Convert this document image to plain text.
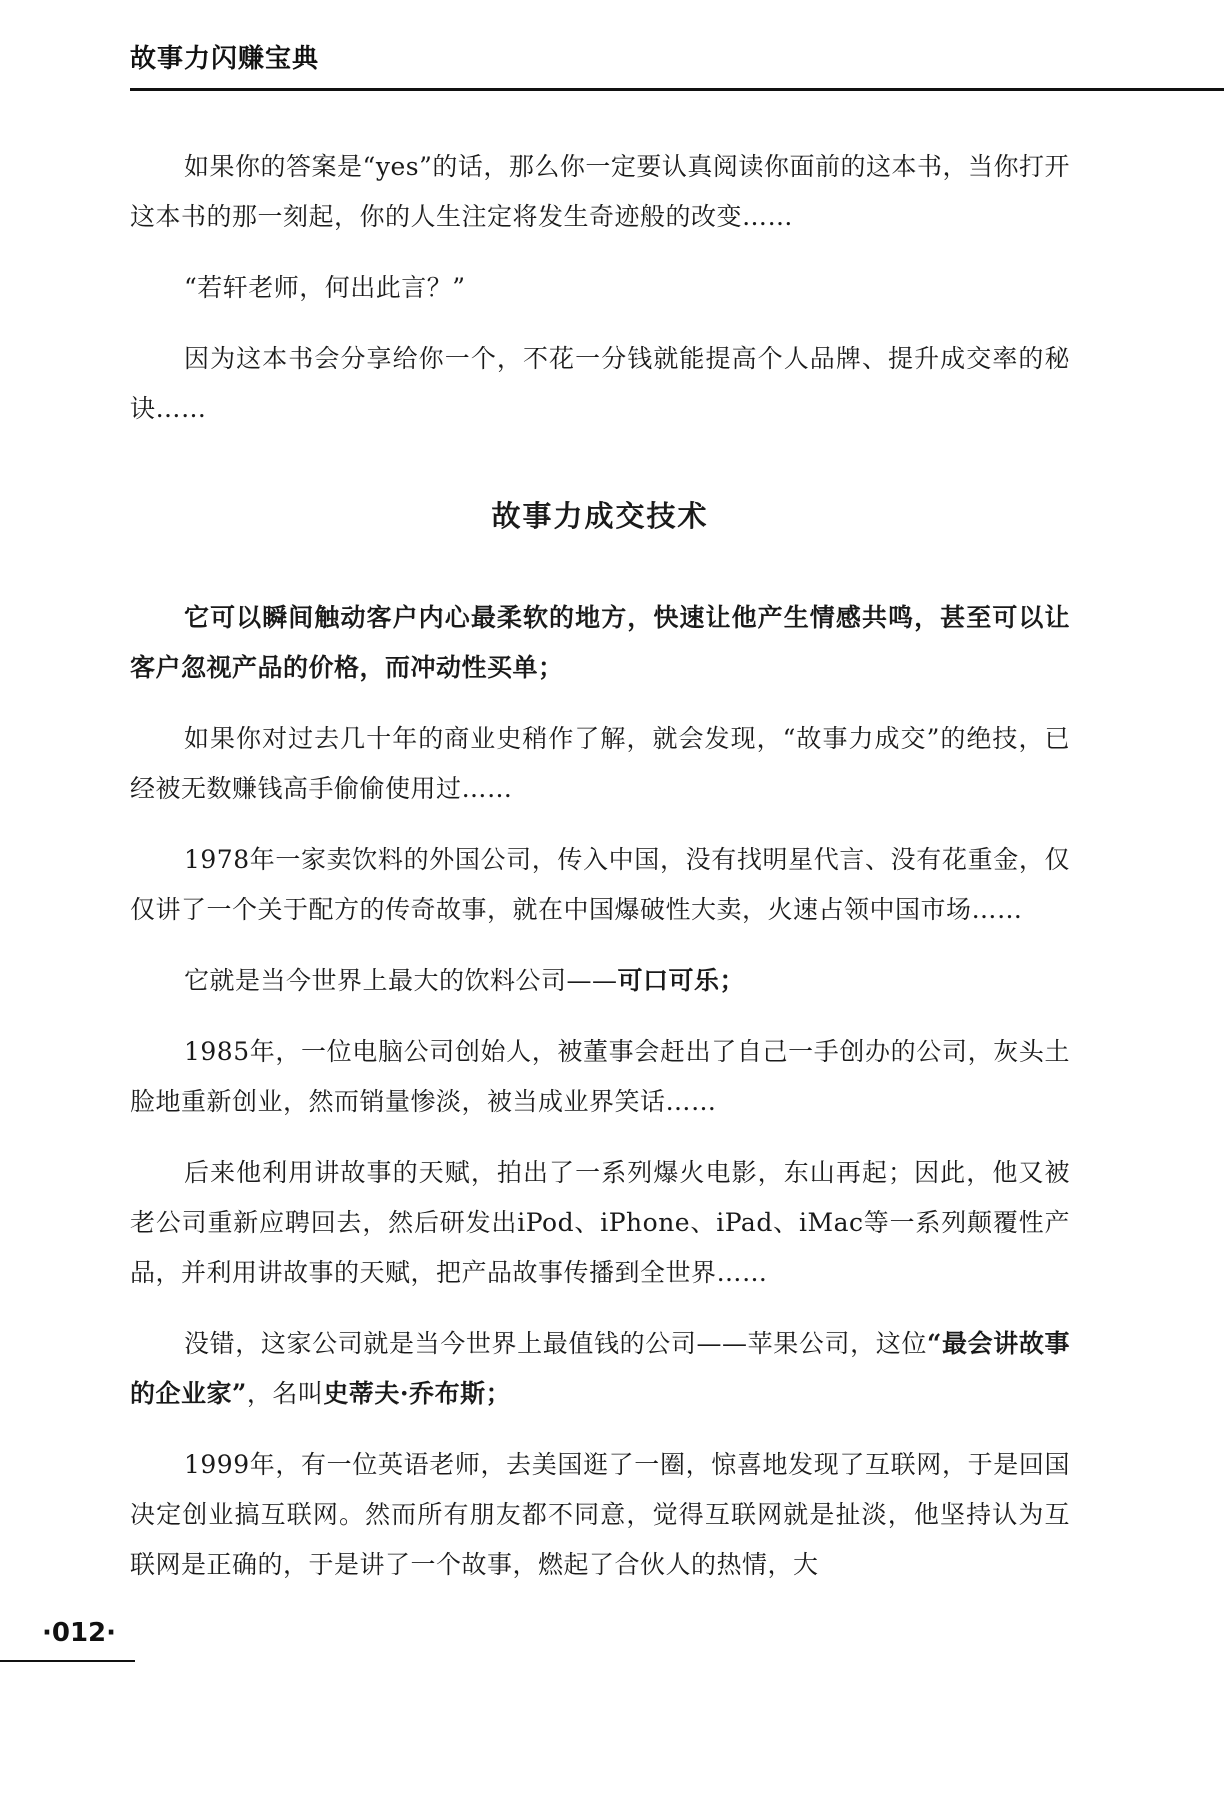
故事力闪赚宝典

如果你的答案是“yes”的话，那么你一定要认真阅读你面前的这本书，当你打开这本书的那一刻起，你的人生注定将发生奇迹般的改变……

“若轩老师，何出此言？”

因为这本书会分享给你一个，不花一分钱就能提高个人品牌、提升成交率的秘诀……

故事力成交技术

它可以瞬间触动客户内心最柔软的地方，快速让他产生情感共鸣，甚至可以让客户忽视产品的价格，而冲动性买单；

如果你对过去几十年的商业史稍作了解，就会发现，“故事力成交”的绝技，已经被无数赚钱高手偷偷使用过……

1978年一家卖饮料的外国公司，传入中国，没有找明星代言、没有花重金，仅仅讲了一个关于配方的传奇故事，就在中国爆破性大卖，火速占领中国市场……

它就是当今世界上最大的饮料公司——可口可乐；

1985年，一位电脑公司创始人，被董事会赶出了自己一手创办的公司，灰头土脸地重新创业，然而销量惨淡，被当成业界笑话……

后来他利用讲故事的天赋，拍出了一系列爆火电影，东山再起；因此，他又被老公司重新应聘回去，然后研发出iPod、iPhone、iPad、iMac等一系列颠覆性产品，并利用讲故事的天赋，把产品故事传播到全世界……

没错，这家公司就是当今世界上最值钱的公司——苹果公司，这位“最会讲故事的企业家”，名叫史蒂夫·乔布斯；

1999年，有一位英语老师，去美国逛了一圈，惊喜地发现了互联网，于是回国决定创业搞互联网。然而所有朋友都不同意，觉得互联网就是扯淡，他坚持认为互联网是正确的，于是讲了一个故事，燃起了合伙人的热情，大

·012·
